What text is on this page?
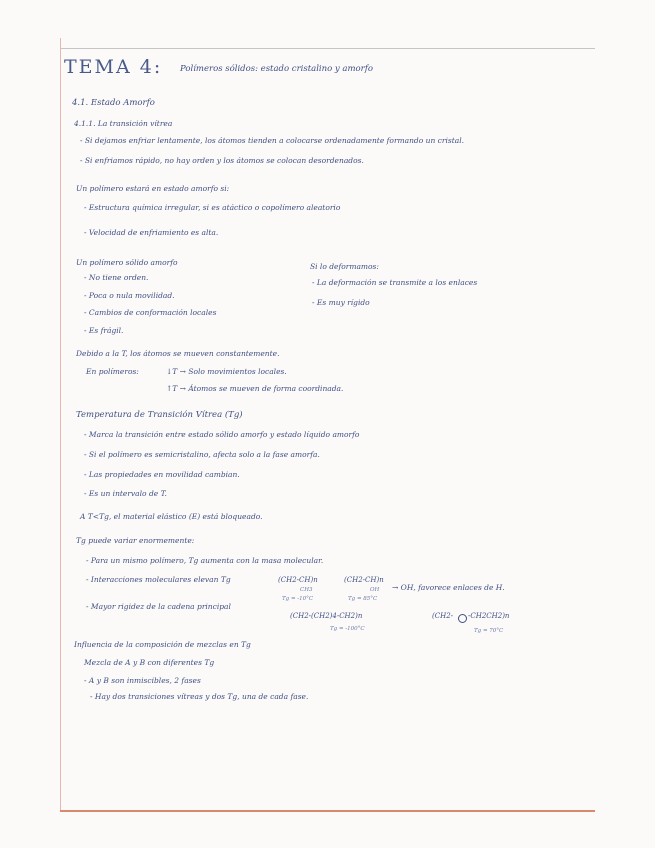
TEMA 4: Polímeros sólidos: estado cristalino y amorfo
4.1. Estado Amorfo
4.1.1. La transición vítrea
- Si dejamos enfriar lentamente, los átomos tienden a colocarse ordenadamente formando un cristal.
- Si enfriamos rápido, no hay orden y los átomos se colocan desordenados.
Un polímero estará en estado amorfo si:
- Estructura química irregular, si es atáctico o copolímero aleatorio
- Velocidad de enfriamiento es alta.
Un polímero sólido amorfo
- No tiene orden.
- Poca o nula movilidad.
- Cambios de conformación locales
- Es frágil.
Si lo deformamos:
- La deformación se transmite a los enlaces
- Es muy rígido
Debido a la T, los átomos se mueven constantemente.
En polímeros:	↓T → Solo movimientos locales.
↑T → Átomos se mueven de forma coordinada.
Temperatura de Transición Vítrea (Tg)
- Marca la transición entre estado sólido amorfo y estado líquido amorfo
- Si el polímero es semicristalino, afecta solo a la fase amorfa.
- Las propiedades en movilidad cambian.
- Es un intervalo de T.
A T<Tg, el material elástico (E) está bloqueado.
Tg puede variar enormemente:
- Para un mismo polímero, Tg aumenta con la masa molecular.
- Interacciones moleculares elevan Tg	(CH2-CH)n
CH3
Tg = -10°C
(CH2-CH)n
OH
Tg = 85°C
→ OH, favorece enlaces de H.
- Mayor rigidez de la cadena principal
(CH2-(CH2)4-CH2)n
Tg = -100°C
(CH2- -CH2CH2)n
Tg = 70°C
Influencia de la composición de mezclas en Tg
Mezcla de A y B con diferentes Tg
- A y B son inmiscibles, 2 fases
- Hay dos transiciones vítreas y dos Tg, una de cada fase.
